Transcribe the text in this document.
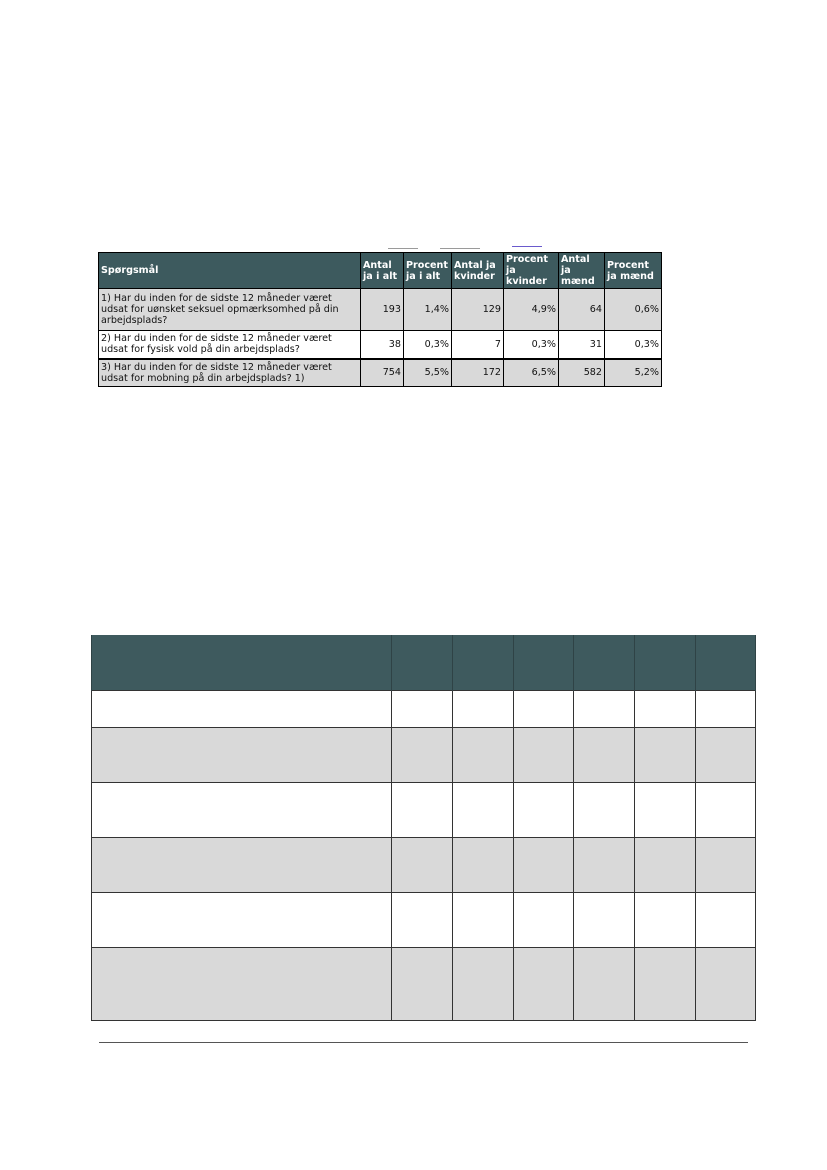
Spørgsmål	Antal ja i alt	Procent ja i alt	Antal ja kvinder	Procent ja kvinder	Antal ja mænd	Procent ja mænd
1) Har du inden for de sidste 12 måneder været udsat for uønsket seksuel opmærksomhed på din arbejdsplads?	193	1,4%	129	4,9%	64	0,6%
2) Har du inden for de sidste 12 måneder været udsat for fysisk vold på din arbejdsplads?	38	0,3%	7	0,3%	31	0,3%
3) Har du inden for de sidste 12 måneder været udsat for mobning på din arbejdsplads? 1)	754	5,5%	172	6,5%	582	5,2%
